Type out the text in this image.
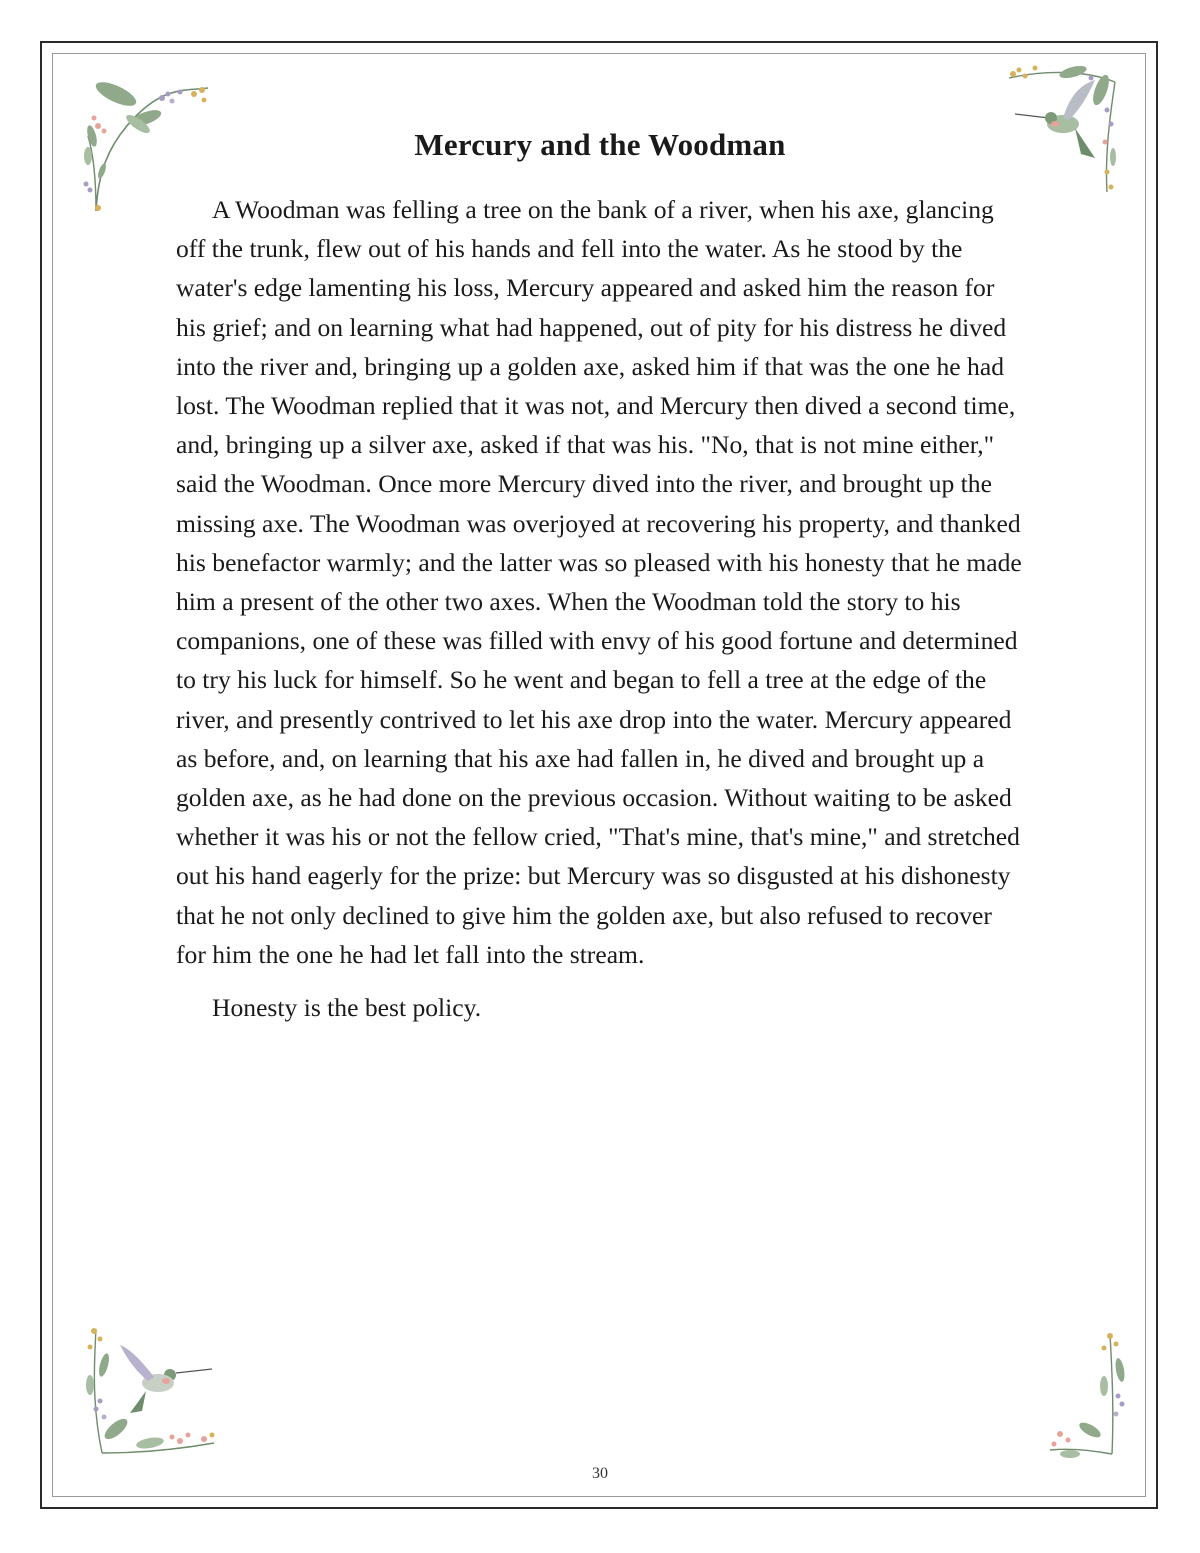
Mercury and the Woodman

A Woodman was felling a tree on the bank of a river, when his axe, glancing off the trunk, flew out of his hands and fell into the water. As he stood by the water's edge lamenting his loss, Mercury appeared and asked him the reason for his grief; and on learning what had happened, out of pity for his distress he dived into the river and, bringing up a golden axe, asked him if that was the one he had lost. The Woodman replied that it was not, and Mercury then dived a second time, and, bringing up a silver axe, asked if that was his. "No, that is not mine either," said the Woodman. Once more Mercury dived into the river, and brought up the missing axe. The Woodman was overjoyed at recovering his property, and thanked his benefactor warmly; and the latter was so pleased with his honesty that he made him a present of the other two axes. When the Woodman told the story to his companions, one of these was filled with envy of his good fortune and determined to try his luck for himself. So he went and began to fell a tree at the edge of the river, and presently contrived to let his axe drop into the water. Mercury appeared as before, and, on learning that his axe had fallen in, he dived and brought up a golden axe, as he had done on the previous occasion. Without waiting to be asked whether it was his or not the fellow cried, "That's mine, that's mine," and stretched out his hand eagerly for the prize: but Mercury was so disgusted at his dishonesty that he not only declined to give him the golden axe, but also refused to recover for him the one he had let fall into the stream.

Honesty is the best policy.

30
